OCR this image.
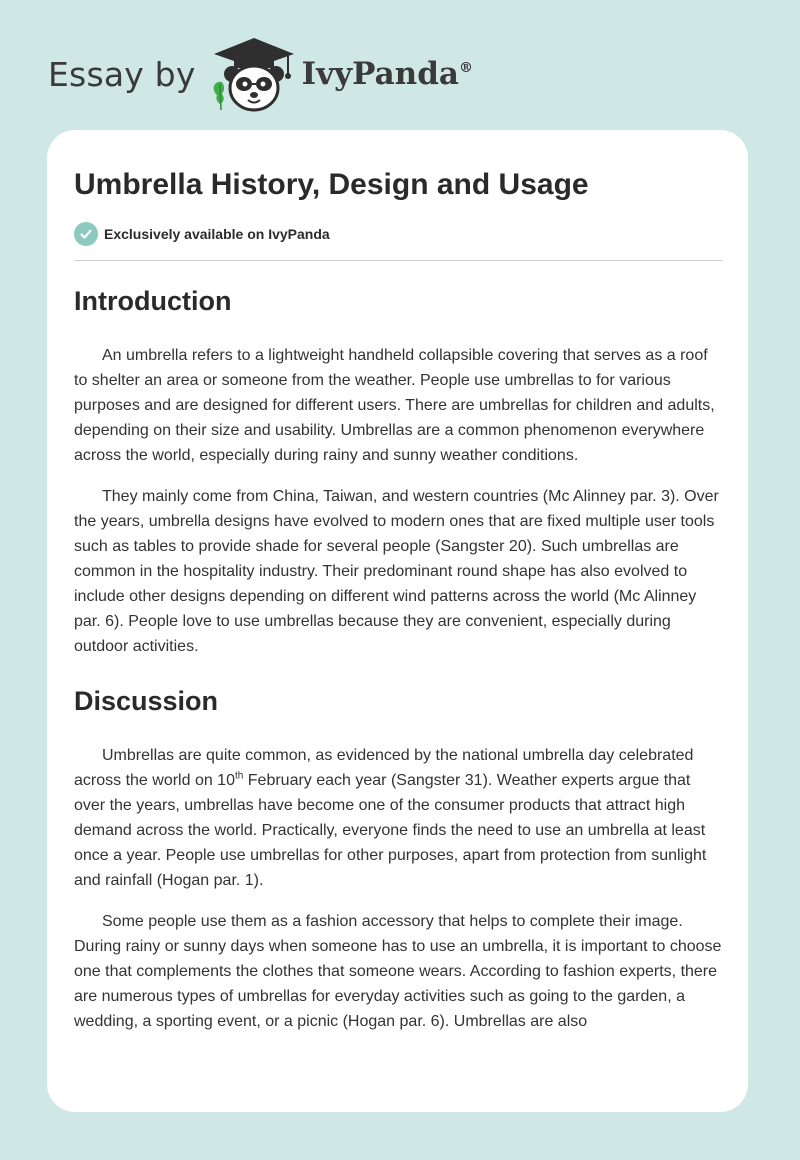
Essay by	IvyPanda®
Umbrella History, Design and Usage
Exclusively available on IvyPanda
Introduction

An umbrella refers to a lightweight handheld collapsible covering that serves as a roof to shelter an area or someone from the weather. People use umbrellas to for various purposes and are designed for different users. There are umbrellas for children and adults, depending on their size and usability. Umbrellas are a common phenomenon everywhere across the world, especially during rainy and sunny weather conditions.

They mainly come from China, Taiwan, and western countries (Mc Alinney par. 3). Over the years, umbrella designs have evolved to modern ones that are fixed multiple user tools such as tables to provide shade for several people (Sangster 20). Such umbrellas are common in the hospitality industry. Their predominant round shape has also evolved to include other designs depending on different wind patterns across the world (Mc Alinney par. 6). People love to use umbrellas because they are convenient, especially during outdoor activities.

Discussion

Umbrellas are quite common, as evidenced by the national umbrella day celebrated across the world on 10th February each year (Sangster 31). Weather experts argue that over the years, umbrellas have become one of the consumer products that attract high demand across the world. Practically, everyone finds the need to use an umbrella at least once a year. People use umbrellas for other purposes, apart from protection from sunlight and rainfall (Hogan par. 1).

Some people use them as a fashion accessory that helps to complete their image. During rainy or sunny days when someone has to use an umbrella, it is important to choose one that complements the clothes that someone wears. According to fashion experts, there are numerous types of umbrellas for everyday activities such as going to the garden, a wedding, a sporting event, or a picnic (Hogan par. 6). Umbrellas are also
